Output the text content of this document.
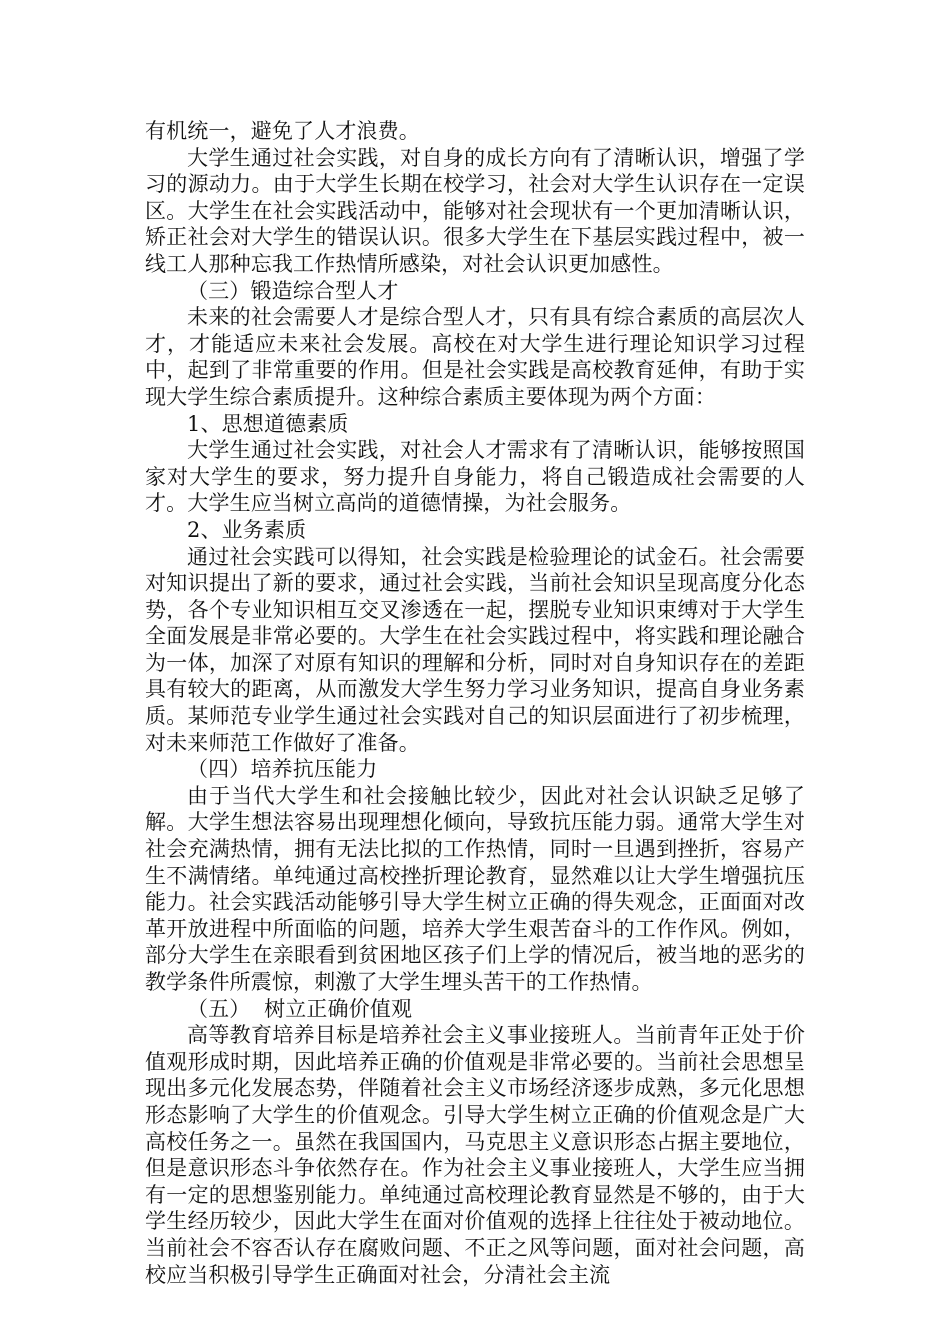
有机统一，避免了人才浪费。

大学生通过社会实践，对自身的成长方向有了清晰认识，增强了学习的源动力。由于大学生长期在校学习，社会对大学生认识存在一定误区。大学生在社会实践活动中，能够对社会现状有一个更加清晰认识，矫正社会对大学生的错误认识。很多大学生在下基层实践过程中，被一线工人那种忘我工作热情所感染，对社会认识更加感性。

（三）锻造综合型人才

未来的社会需要人才是综合型人才，只有具有综合素质的高层次人才，才能适应未来社会发展。高校在对大学生进行理论知识学习过程中，起到了非常重要的作用。但是社会实践是高校教育延伸，有助于实现大学生综合素质提升。这种综合素质主要体现为两个方面：

1、思想道德素质

大学生通过社会实践，对社会人才需求有了清晰认识，能够按照国家对大学生的要求，努力提升自身能力，将自己锻造成社会需要的人才。大学生应当树立高尚的道德情操，为社会服务。

2、业务素质

通过社会实践可以得知，社会实践是检验理论的试金石。社会需要对知识提出了新的要求，通过社会实践，当前社会知识呈现高度分化态势，各个专业知识相互交叉渗透在一起，摆脱专业知识束缚对于大学生全面发展是非常必要的。大学生在社会实践过程中，将实践和理论融合为一体，加深了对原有知识的理解和分析，同时对自身知识存在的差距具有较大的距离，从而激发大学生努力学习业务知识，提高自身业务素质。某师范专业学生通过社会实践对自己的知识层面进行了初步梳理，对未来师范工作做好了准备。

（四）培养抗压能力

由于当代大学生和社会接触比较少，因此对社会认识缺乏足够了解。大学生想法容易出现理想化倾向，导致抗压能力弱。通常大学生对社会充满热情，拥有无法比拟的工作热情，同时一旦遇到挫折，容易产生不满情绪。单纯通过高校挫折理论教育，显然难以让大学生增强抗压能力。社会实践活动能够引导大学生树立正确的得失观念，正面面对改革开放进程中所面临的问题，培养大学生艰苦奋斗的工作作风。例如，部分大学生在亲眼看到贫困地区孩子们上学的情况后，被当地的恶劣的教学条件所震惊，刺激了大学生埋头苦干的工作热情。

（五）  树立正确价值观

高等教育培养目标是培养社会主义事业接班人。当前青年正处于价值观形成时期，因此培养正确的价值观是非常必要的。当前社会思想呈现出多元化发展态势，伴随着社会主义市场经济逐步成熟，多元化思想形态影响了大学生的价值观念。引导大学生树立正确的价值观念是广大高校任务之一。虽然在我国国内，马克思主义意识形态占据主要地位，但是意识形态斗争依然存在。作为社会主义事业接班人，大学生应当拥有一定的思想鉴别能力。单纯通过高校理论教育显然是不够的，由于大学生经历较少，因此大学生在面对价值观的选择上往往处于被动地位。当前社会不容否认存在腐败问题、不正之风等问题，面对社会问题，高校应当积极引导学生正确面对社会，分清社会主流
